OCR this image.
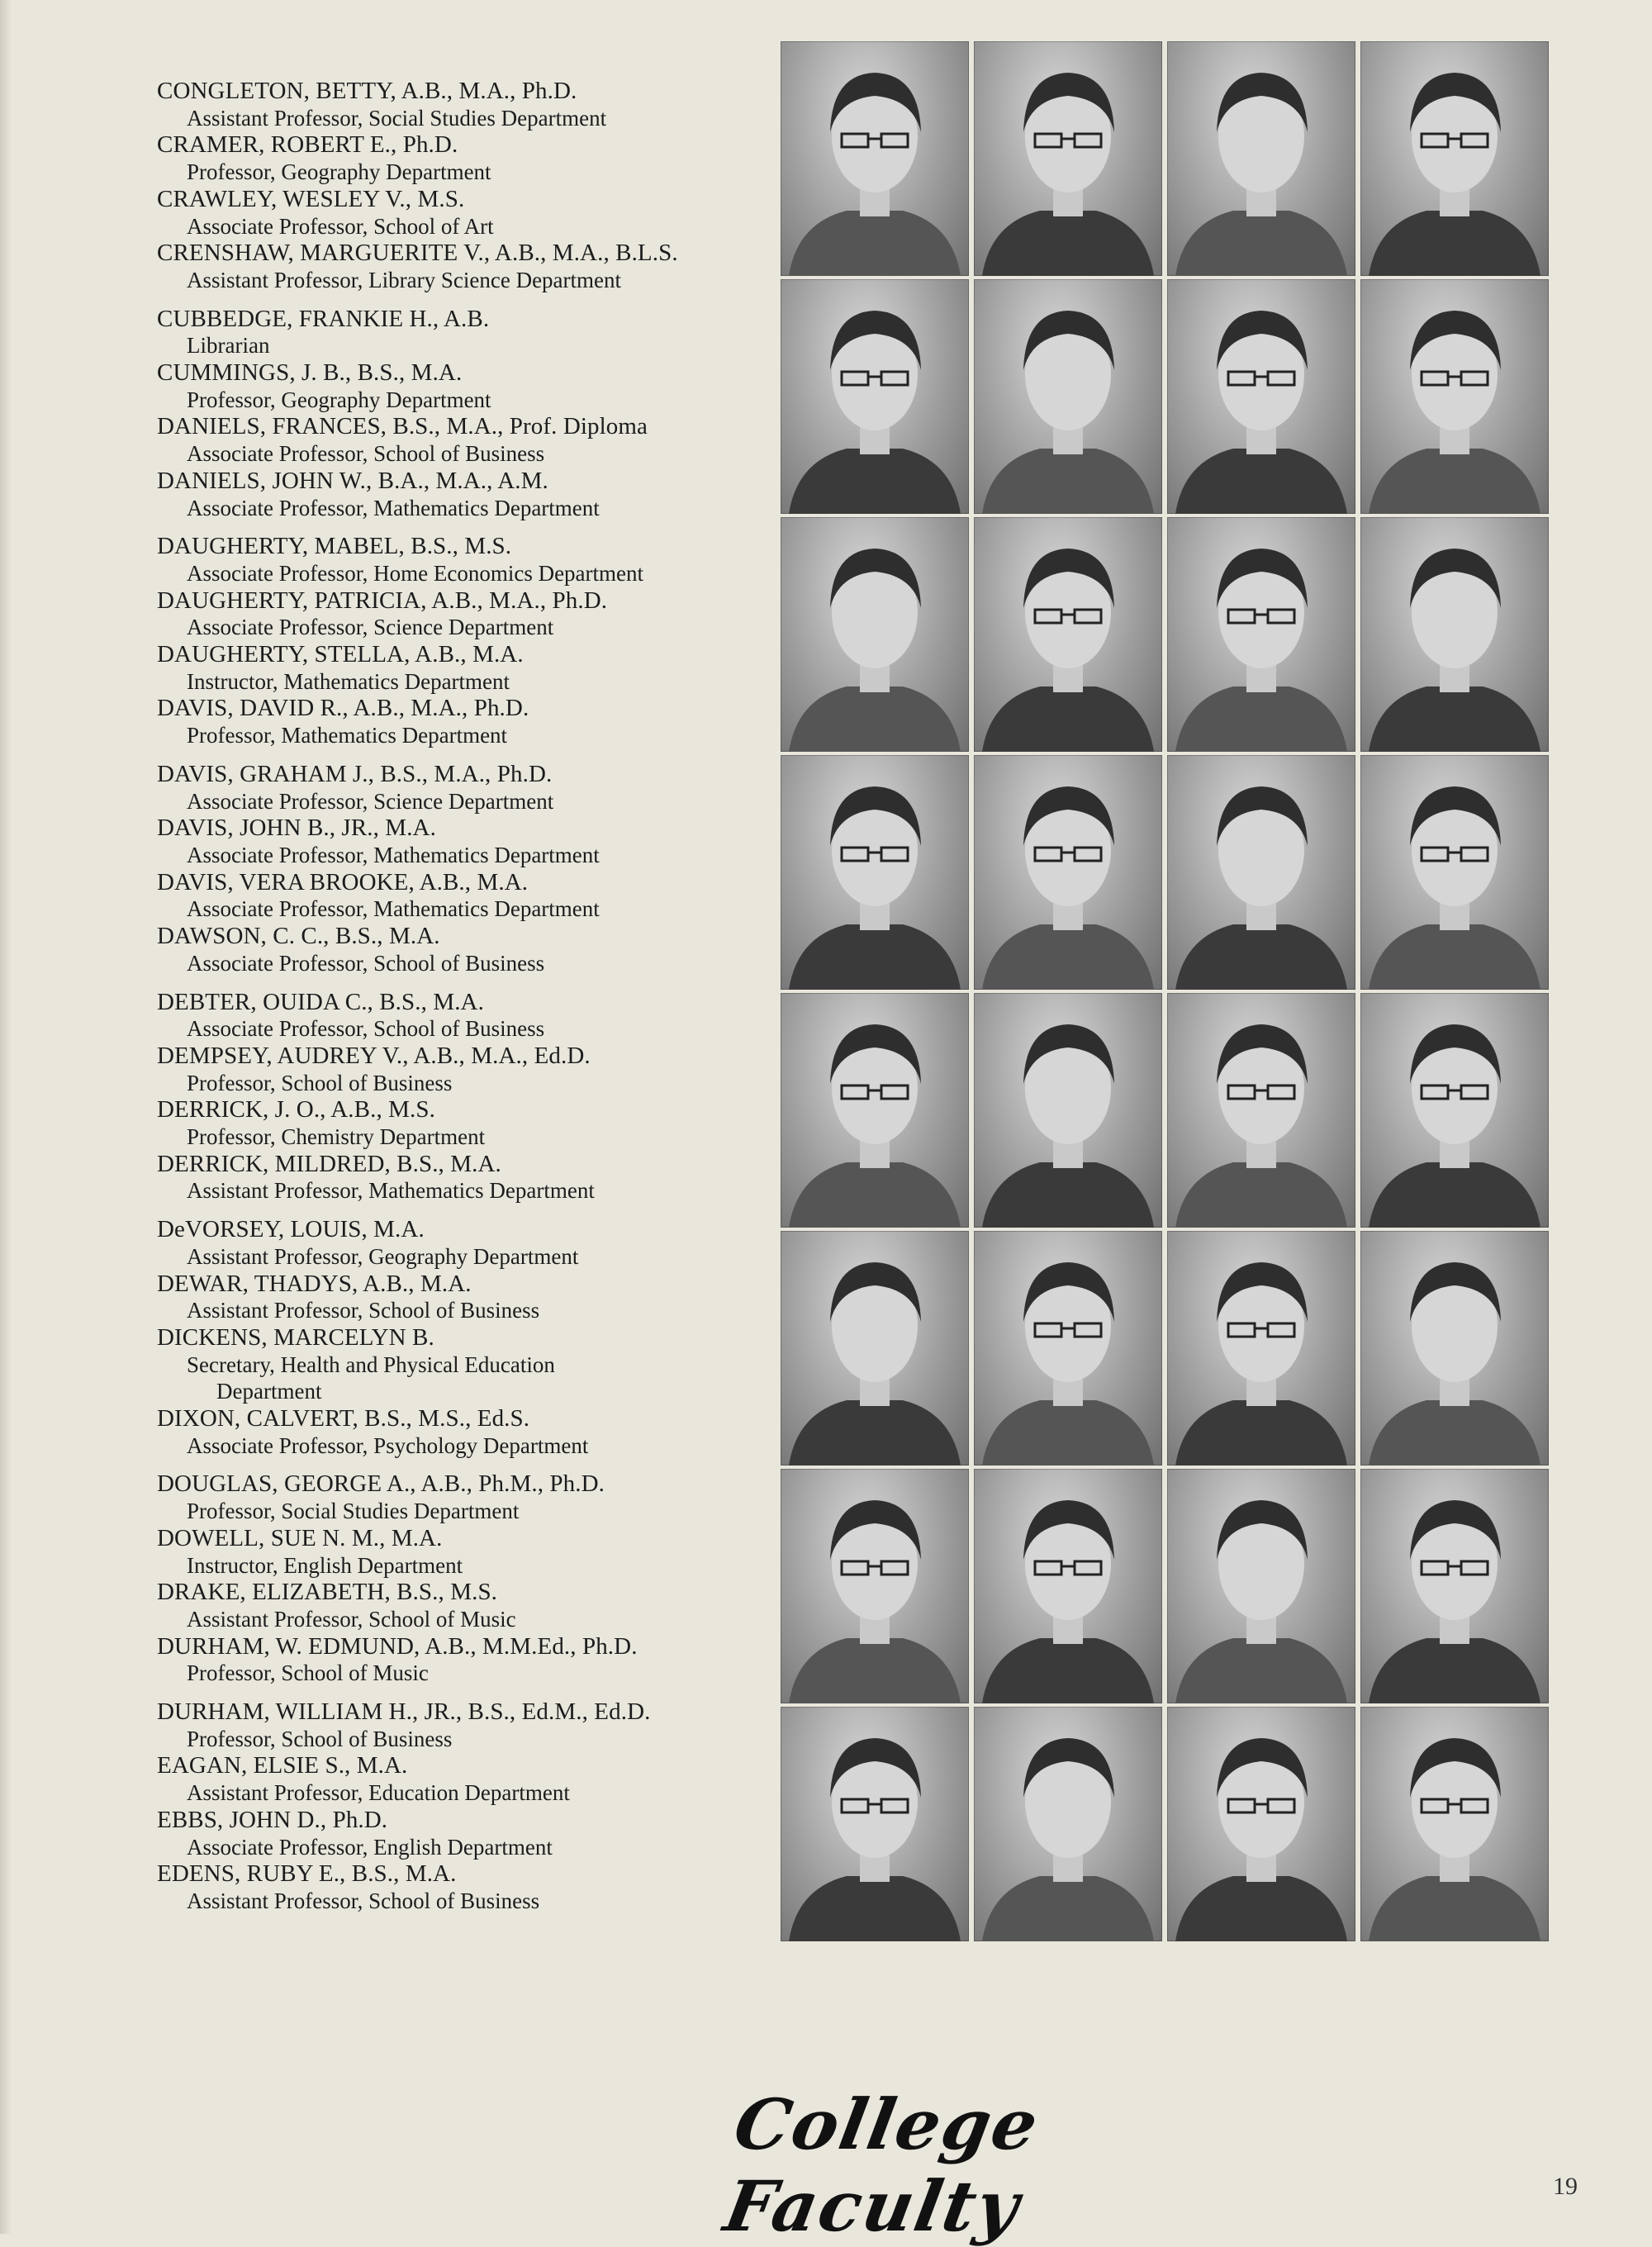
CONGLETON, BETTY, A.B., M.A., Ph.D.
Assistant Professor, Social Studies Department
CRAMER, ROBERT E., Ph.D.
Professor, Geography Department
CRAWLEY, WESLEY V., M.S.
Associate Professor, School of Art
CRENSHAW, MARGUERITE V., A.B., M.A., B.L.S.
Assistant Professor, Library Science Department
CUBBEDGE, FRANKIE H., A.B.
Librarian
CUMMINGS, J. B., B.S., M.A.
Professor, Geography Department
DANIELS, FRANCES, B.S., M.A., Prof. Diploma
Associate Professor, School of Business
DANIELS, JOHN W., B.A., M.A., A.M.
Associate Professor, Mathematics Department
DAUGHERTY, MABEL, B.S., M.S.
Associate Professor, Home Economics Department
DAUGHERTY, PATRICIA, A.B., M.A., Ph.D.
Associate Professor, Science Department
DAUGHERTY, STELLA, A.B., M.A.
Instructor, Mathematics Department
DAVIS, DAVID R., A.B., M.A., Ph.D.
Professor, Mathematics Department
DAVIS, GRAHAM J., B.S., M.A., Ph.D.
Associate Professor, Science Department
DAVIS, JOHN B., JR., M.A.
Associate Professor, Mathematics Department
DAVIS, VERA BROOKE, A.B., M.A.
Associate Professor, Mathematics Department
DAWSON, C. C., B.S., M.A.
Associate Professor, School of Business
DEBTER, OUIDA C., B.S., M.A.
Associate Professor, School of Business
DEMPSEY, AUDREY V., A.B., M.A., Ed.D.
Professor, School of Business
DERRICK, J. O., A.B., M.S.
Professor, Chemistry Department
DERRICK, MILDRED, B.S., M.A.
Assistant Professor, Mathematics Department
DeVORSEY, LOUIS, M.A.
Assistant Professor, Geography Department
DEWAR, THADYS, A.B., M.A.
Assistant Professor, School of Business
DICKENS, MARCELYN B.
Secretary, Health and Physical Education
Department
DIXON, CALVERT, B.S., M.S., Ed.S.
Associate Professor, Psychology Department
DOUGLAS, GEORGE A., A.B., Ph.M., Ph.D.
Professor, Social Studies Department
DOWELL, SUE N. M., M.A.
Instructor, English Department
DRAKE, ELIZABETH, B.S., M.S.
Assistant Professor, School of Music
DURHAM, W. EDMUND, A.B., M.M.Ed., Ph.D.
Professor, School of Music
DURHAM, WILLIAM H., JR., B.S., Ed.M., Ed.D.
Professor, School of Business
EAGAN, ELSIE S., M.A.
Assistant Professor, Education Department
EBBS, JOHN D., Ph.D.
Associate Professor, English Department
EDENS, RUBY E., B.S., M.A.
Assistant Professor, School of Business
College Faculty	19
